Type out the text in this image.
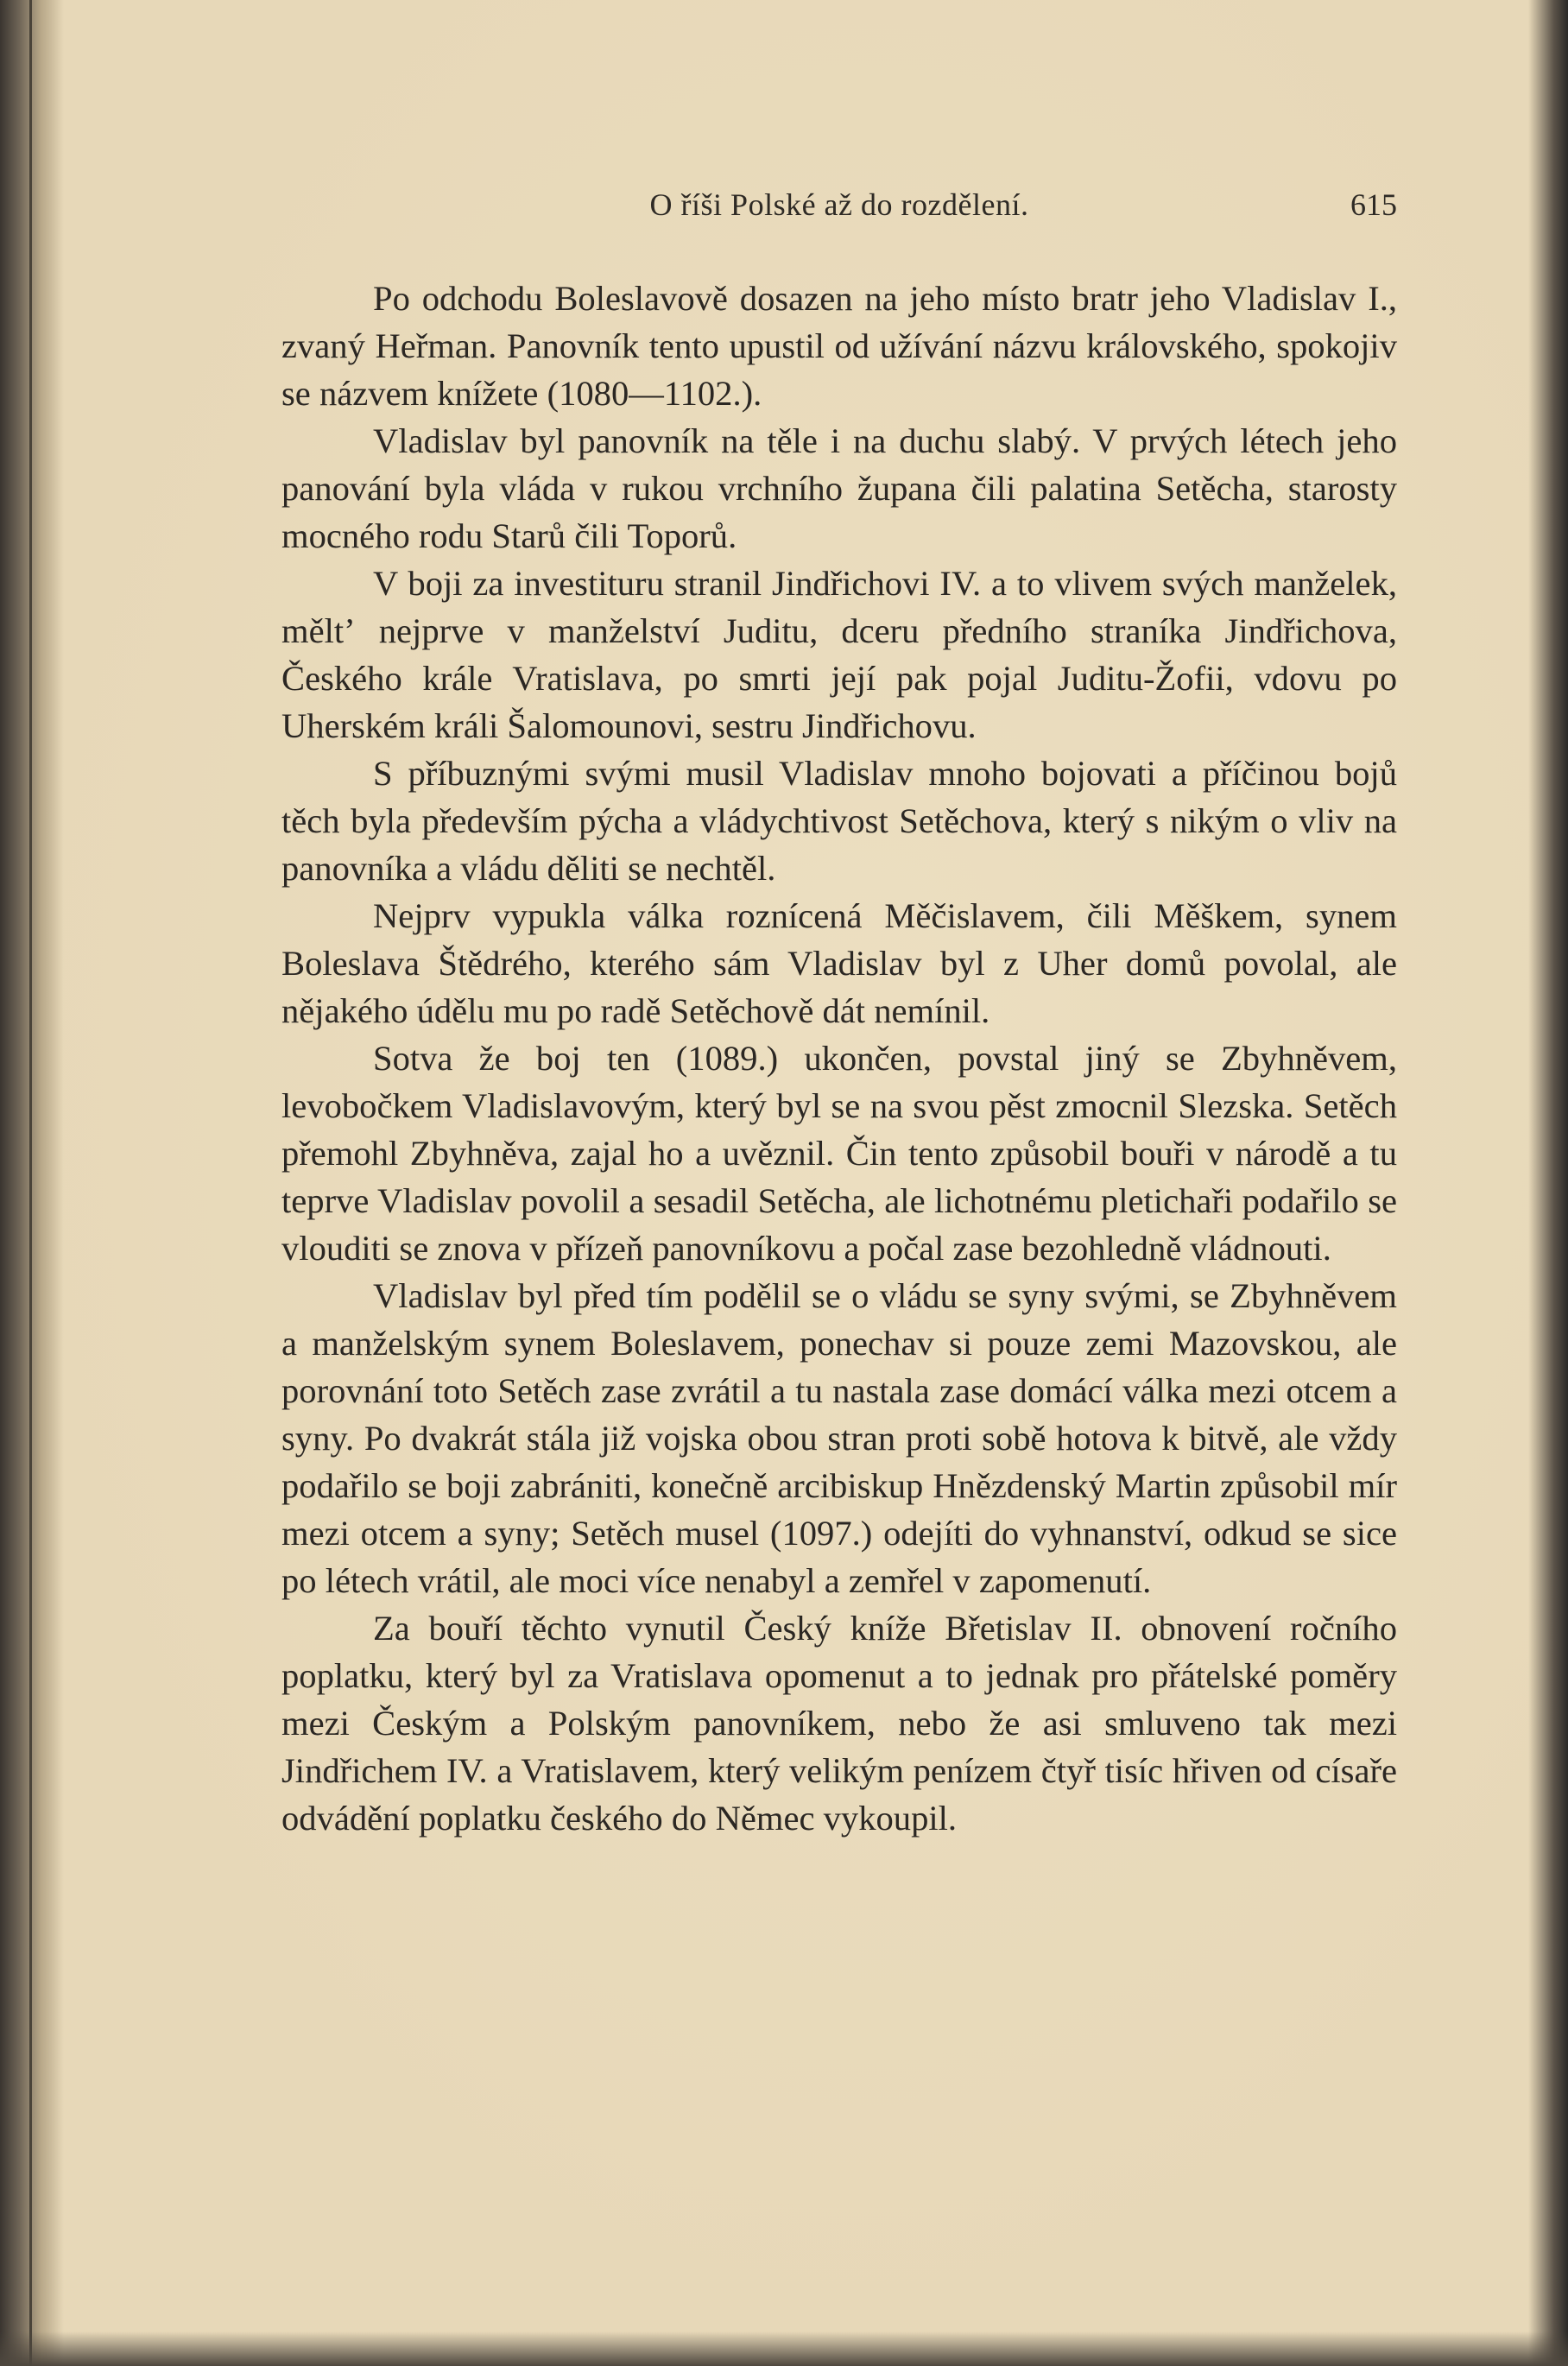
O říši Polské až do rozdělení.	615

Po odchodu Boleslavově dosazen na jeho místo bratr jeho Vladislav I., zvaný Heřman. Panovník tento upustil od užívání názvu královského, spokojiv se názvem knížete (1080—1102.).

Vladislav byl panovník na těle i na duchu slabý. V prvých létech jeho panování byla vláda v rukou vrchního župana čili palatina Setěcha, starosty mocného rodu Starů čili Toporů.

V boji za investituru stranil Jindřichovi IV. a to vlivem svých manželek, měltʼ nejprve v manželství Juditu, dceru předního straníka Jindřichova, Českého krále Vratislava, po smrti její pak pojal Juditu-Žofii, vdovu po Uherském králi Šalomounovi, sestru Jindřichovu.

S příbuznými svými musil Vladislav mnoho bojovati a příčinou bojů těch byla především pýcha a vládychtivost Setěchova, který s nikým o vliv na panovníka a vládu děliti se nechtěl.

Nejprv vypukla válka roznícená Měčislavem, čili Měškem, synem Boleslava Štědrého, kterého sám Vladislav byl z Uher domů povolal, ale nějakého údělu mu po radě Setěchově dát nemínil.

Sotva že boj ten (1089.) ukončen, povstal jiný se Zbyhněvem, levobočkem Vladislavovým, který byl se na svou pěst zmocnil Slezska. Setěch přemohl Zbyhněva, zajal ho a uvěznil. Čin tento způsobil bouři v národě a tu teprve Vladislav povolil a sesadil Setěcha, ale lichotnému pletichaři podařilo se vlouditi se znova v přízeň panovníkovu a počal zase bezohledně vládnouti.

Vladislav byl před tím podělil se o vládu se syny svými, se Zbyhněvem a manželským synem Boleslavem, ponechav si pouze zemi Mazovskou, ale porovnání toto Setěch zase zvrátil a tu nastala zase domácí válka mezi otcem a syny. Po dvakrát stála již vojska obou stran proti sobě hotova k bitvě, ale vždy podařilo se boji zabrániti, konečně arcibiskup Hnězdenský Martin způsobil mír mezi otcem a syny; Setěch musel (1097.) odejíti do vyhnanství, odkud se sice po létech vrátil, ale moci více nenabyl a zemřel v zapomenutí.

Za bouří těchto vynutil Český kníže Břetislav II. obnovení ročního poplatku, který byl za Vratislava opomenut a to jednak pro přátelské poměry mezi Českým a Polským panovníkem, nebo že asi smluveno tak mezi Jindřichem IV. a Vratislavem, který velikým penízem čtyř tisíc hřiven od císaře odvádění poplatku českého do Němec vykoupil.
